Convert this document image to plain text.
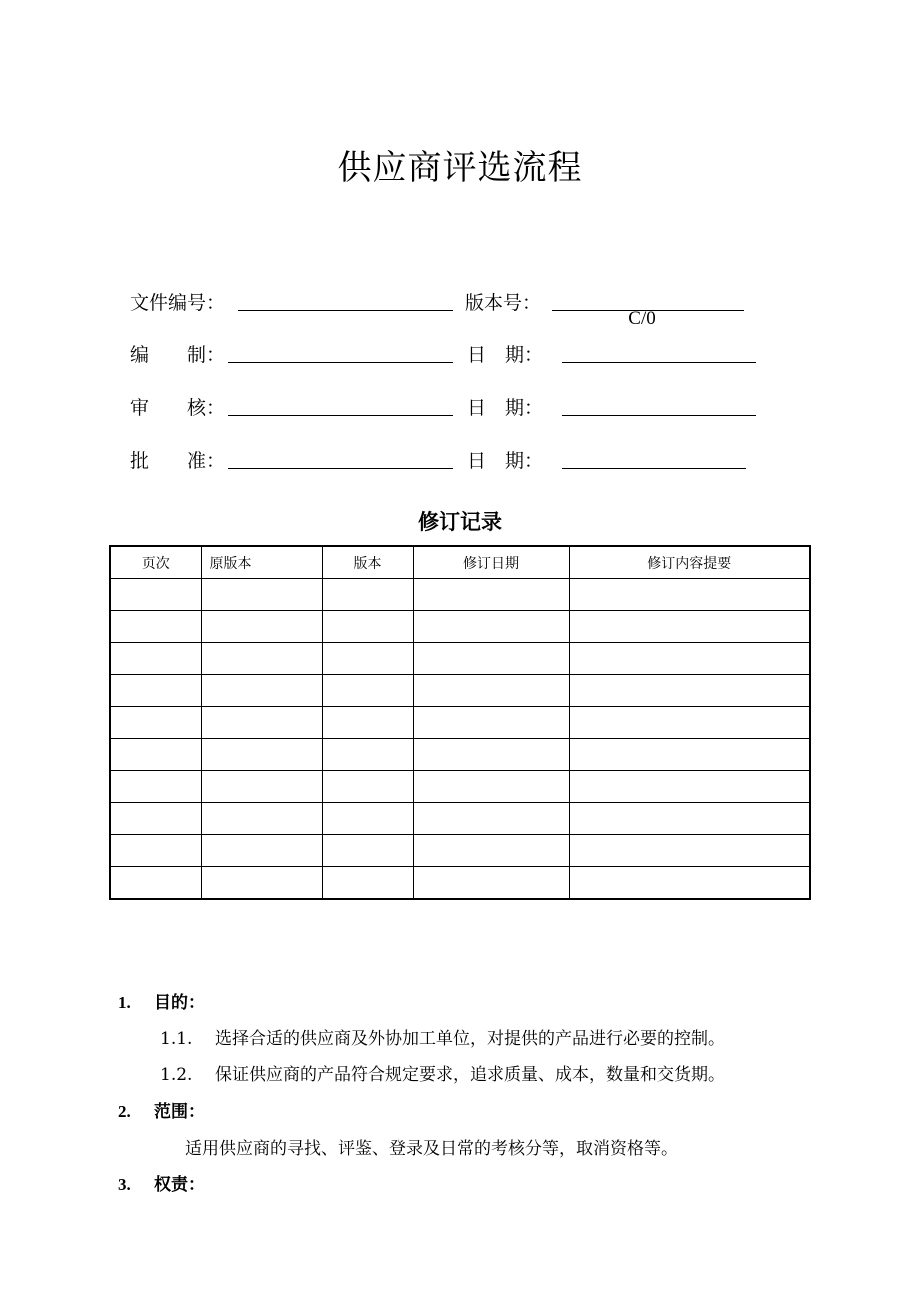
供应商评选流程
文件编号：	版本号：
C/0
编　　制：	日　期：
审　　核：	日　期：
批　　准：	日　期：
修订记录
页次	原版本	版本	修订日期	修订内容提要

1. 目的：
1.1. 选择合适的供应商及外协加工单位，对提供的产品进行必要的控制。
1.2. 保证供应商的产品符合规定要求，追求质量、成本，数量和交货期。
2. 范围：
适用供应商的寻找、评鉴、登录及日常的考核分等，取消资格等。
3. 权责：
